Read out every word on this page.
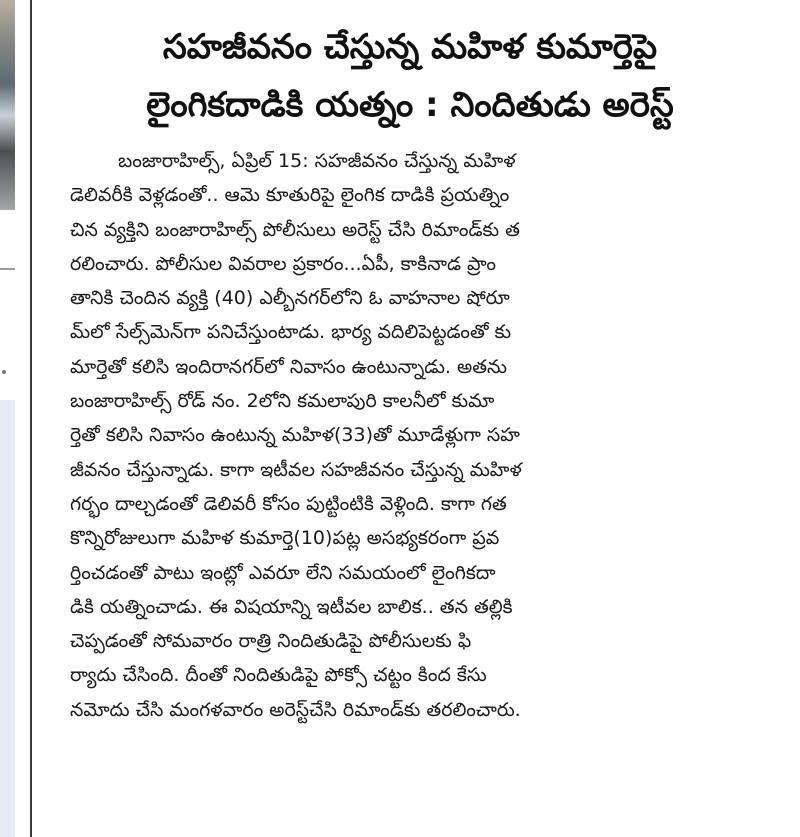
సహజీవనం చేస్తున్న మహిళ కుమార్తెపై
లైంగికదాడికి యత్నం : నిందితుడు అరెస్ట్
బంజారాహిల్స్, ఏప్రిల్ 15: సహజీవనం చేస్తున్న మహిళ
డెలివరీకి వెళ్లడంతో.. ఆమె కూతురిపై లైంగిక దాడికి ప్రయత్నిం
చిన వ్యక్తిని బంజారాహిల్స్ పోలీసులు అరెస్ట్ చేసి రిమాండ్‌కు త
రలించారు. పోలీసుల వివరాల ప్రకారం...ఏపీ, కాకినాడ ప్రాం
తానికి చెందిన వ్యక్తి (40) ఎల్బీనగర్‌లోని ఓ వాహనాల షోరూ
మ్‌లో సేల్స్‌మెన్‌గా పనిచేస్తుంటాడు. భార్య వదిలిపెట్టడంతో కు
మార్తెతో కలిసి ఇందిరానగర్‌లో నివాసం ఉంటున్నాడు. అతను
బంజారాహిల్స్ రోడ్ నం. 2లోని కమలాపురి కాలనీలో కుమా
ర్తెతో కలిసి నివాసం ఉంటున్న మహిళ(33)తో మూడేళ్లుగా సహ
జీవనం చేస్తున్నాడు. కాగా ఇటీవల సహజీవనం చేస్తున్న మహిళ
గర్భం దాల్చడంతో డెలివరీ కోసం పుట్టింటికి వెళ్లింది. కాగా గత
కొన్నిరోజులుగా మహిళ కుమార్తె(10)పట్ల అసభ్యకరంగా ప్రవ
ర్తించడంతో పాటు ఇంట్లో ఎవరూ లేని సమయంలో లైంగికదా
డికి యత్నించాడు. ఈ విషయాన్ని ఇటీవల బాలిక.. తన తల్లికి
చెప్పడంతో సోమవారం రాత్రి నిందితుడిపై పోలీసులకు ఫి
ర్యాదు చేసింది. దీంతో నిందితుడిపై పోక్సో చట్టం కింద కేసు
నమోదు చేసి మంగళవారం అరెస్ట్‌చేసి రిమాండ్‌కు తరలించారు.
